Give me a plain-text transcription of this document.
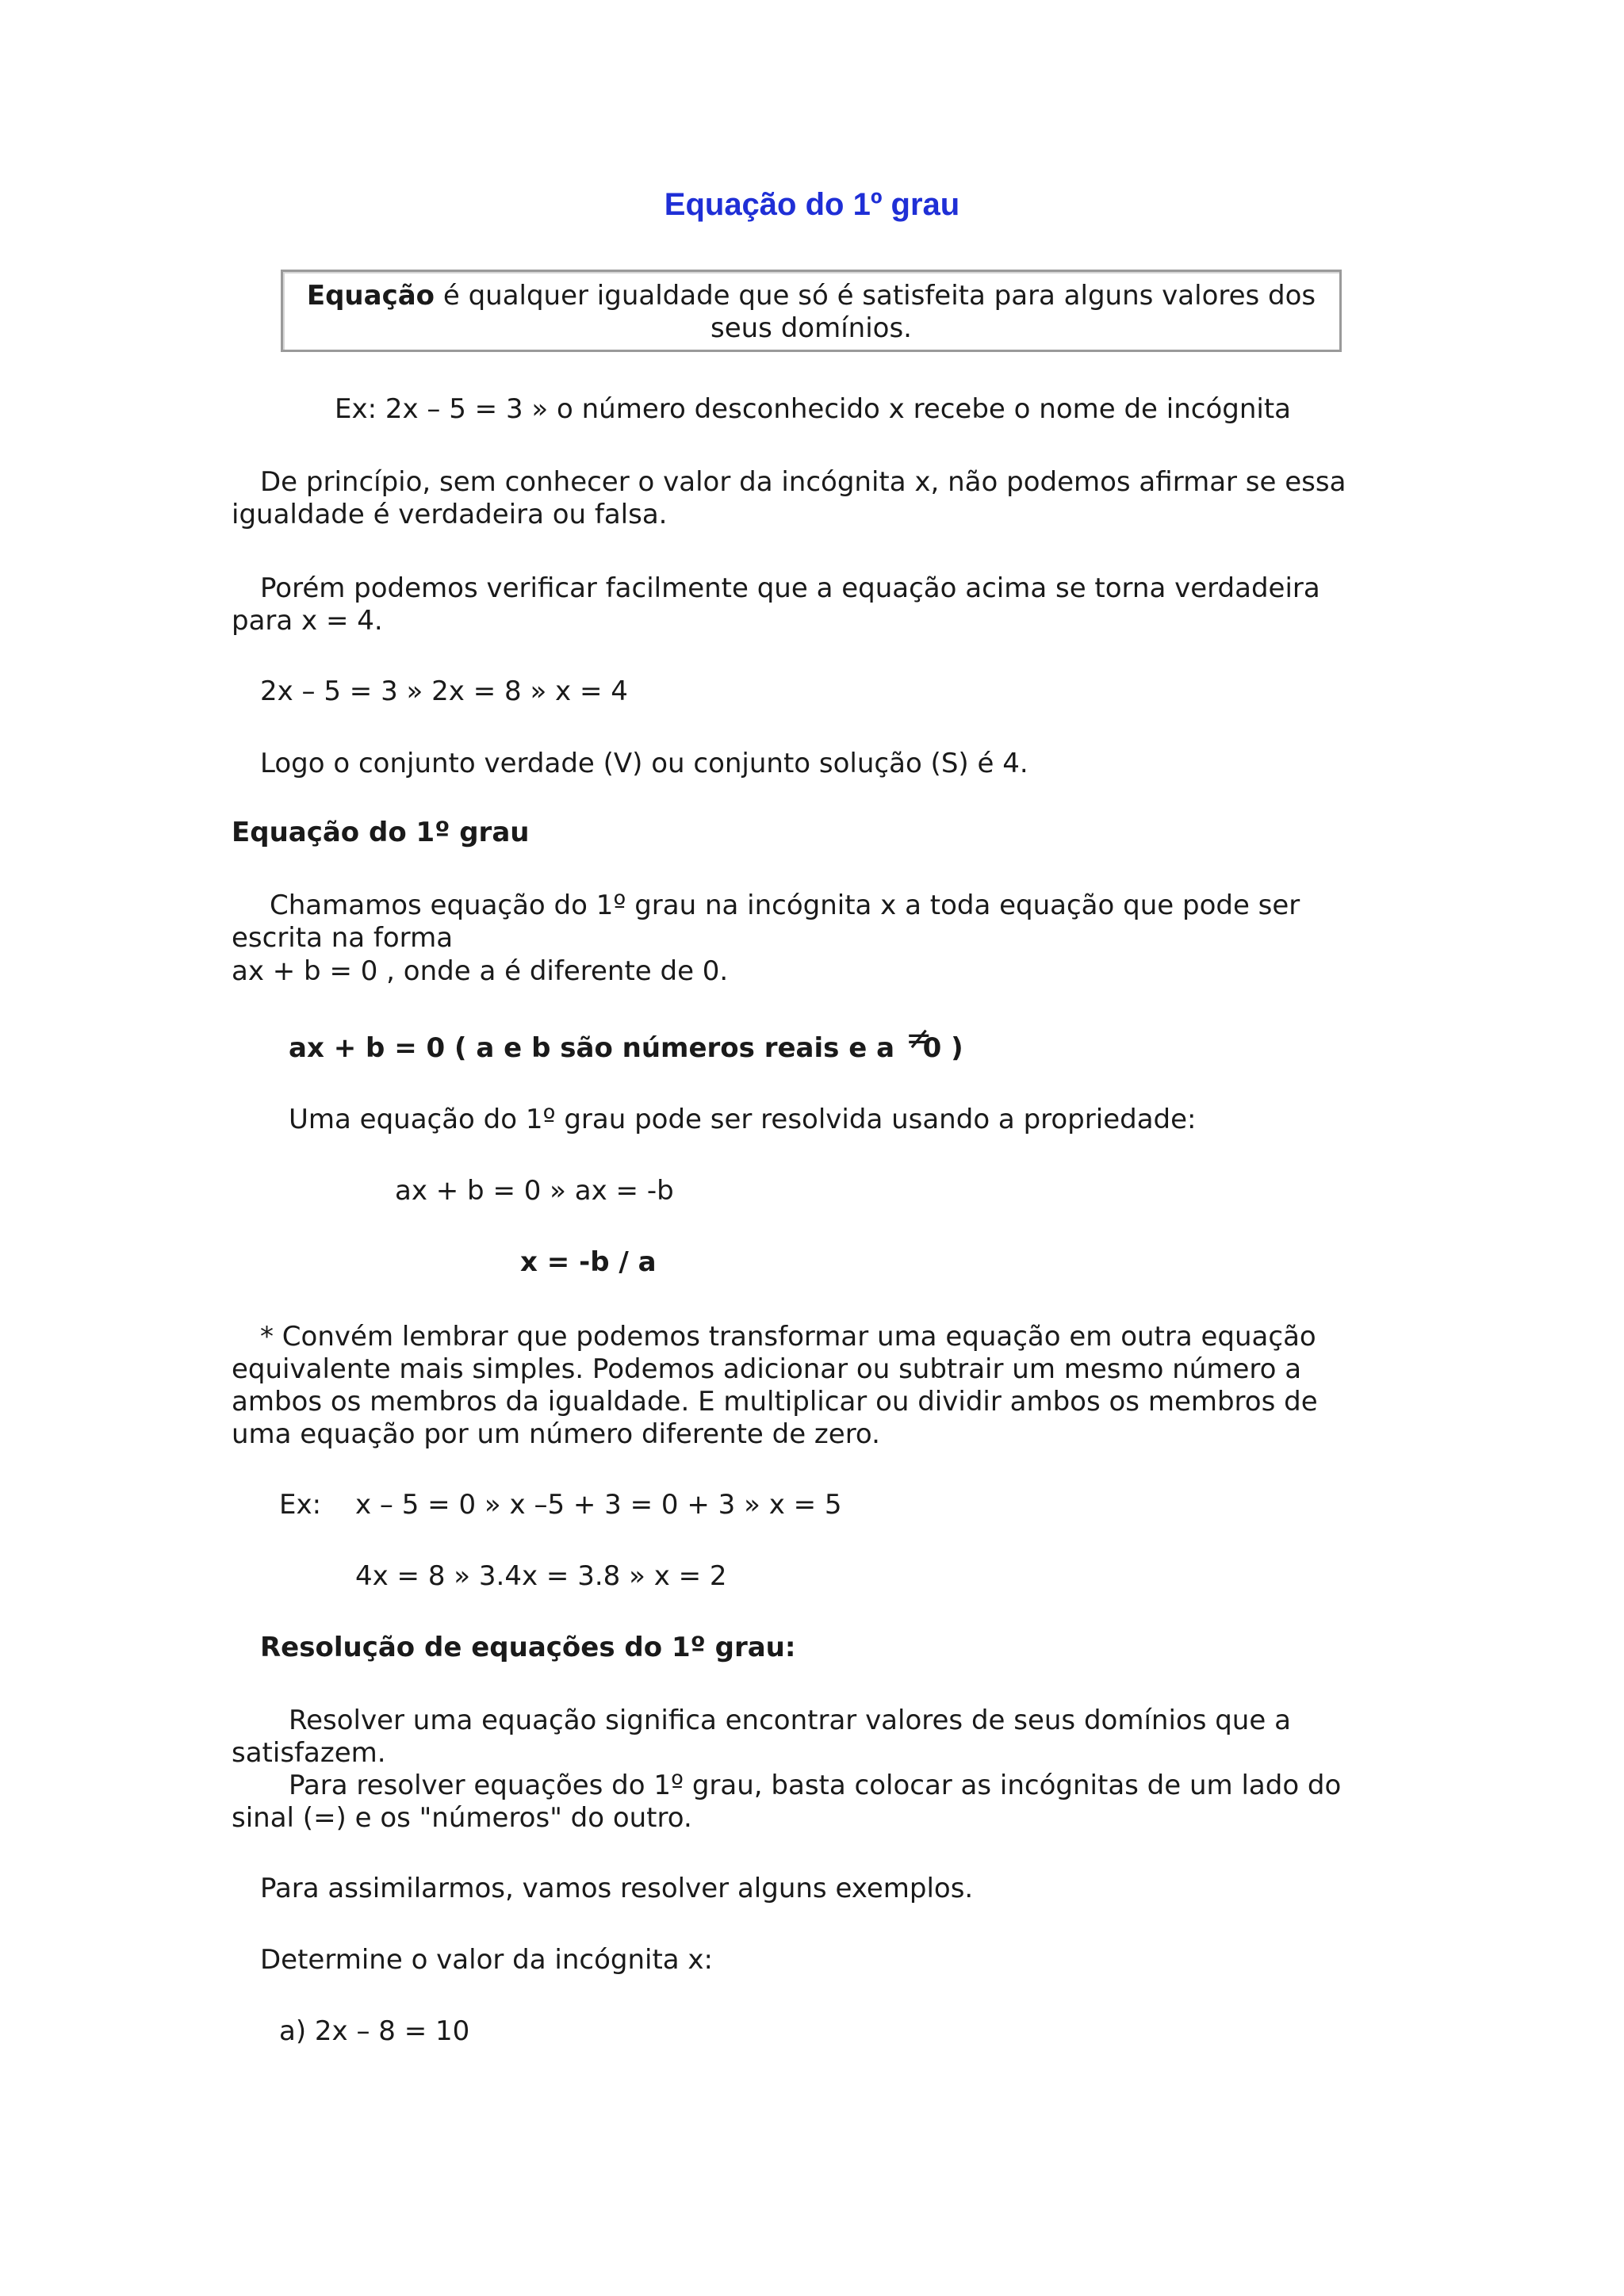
Equação do 1º grau
Equação é qualquer igualdade que só é satisfeita para alguns valores dos seus domínios.
Ex: 2x – 5 = 3 » o número desconhecido x recebe o nome de incógnita
De princípio, sem conhecer o valor da incógnita x, não podemos afirmar se essa igualdade é verdadeira ou falsa.
Porém podemos verificar facilmente que a equação acima se torna verdadeira para x = 4.
2x – 5 = 3 » 2x = 8 » x = 4
Logo o conjunto verdade (V) ou conjunto solução (S) é 4.
Equação do 1º grau
Chamamos equação do 1º grau na incógnita x a toda equação que pode ser escrita na forma
ax + b = 0 , onde a é diferente de 0.
ax + b = 0 ( a e b são números reais e a ≠
0 )
Uma equação do 1º grau pode ser resolvida usando a propriedade:
ax + b = 0 » ax = -b
x = -b / a
* Convém lembrar que podemos transformar uma equação em outra equação equivalente mais simples. Podemos adicionar ou subtrair um mesmo número a ambos os membros da igualdade. E multiplicar ou dividir ambos os membros de uma equação por um número diferente de zero.
Ex: x – 5 = 0 » x –5 + 3 = 0 + 3 » x = 5
4x = 8 » 3.4x = 3.8 » x = 2
Resolução de equações do 1º grau:
Resolver uma equação significa encontrar valores de seus domínios que a satisfazem.
Para resolver equações do 1º grau, basta colocar as incógnitas de um lado do sinal (=) e os "números" do outro.
Para assimilarmos, vamos resolver alguns exemplos.
Determine o valor da incógnita x:
a) 2x – 8 = 10
